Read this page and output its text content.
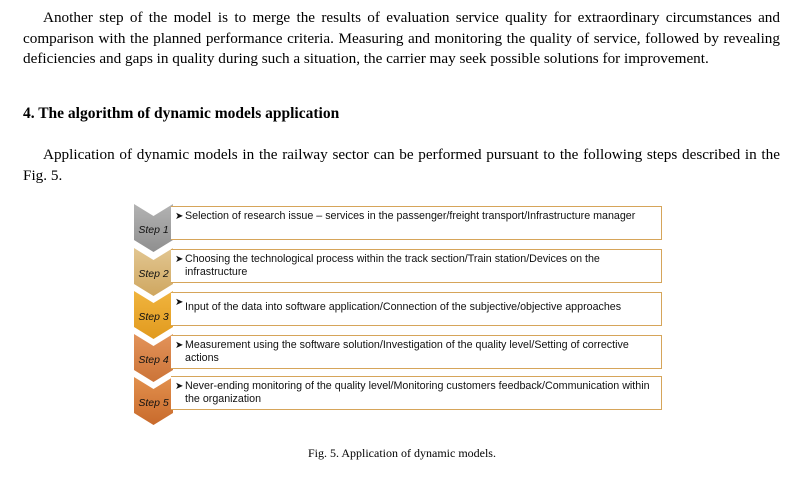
Another step of the model is to merge the results of evaluation service quality for extraordinary circumstances and comparison with the planned performance criteria. Measuring and monitoring the quality of service, followed by revealing deficiencies and gaps in quality during such a situation, the carrier may seek possible solutions for improvement.

4. The algorithm of dynamic models application

Application of dynamic models in the railway sector can be performed pursuant to the following steps described in the Fig. 5.

Step 1
➤ Selection of research issue – services in the passenger/freight transport/Infrastructure manager
Step 2
➤ Choosing the technological process within the track section/Train station/Devices on the infrastructure
Step 3
➤ Input of the data into software application/Connection of the subjective/objective approaches
Step 4
➤ Measurement using the software solution/Investigation of the quality level/Setting of corrective actions
Step 5
➤ Never-ending monitoring of the quality level/Monitoring customers feedback/Communication within the organization
Fig. 5. Application of dynamic models.
